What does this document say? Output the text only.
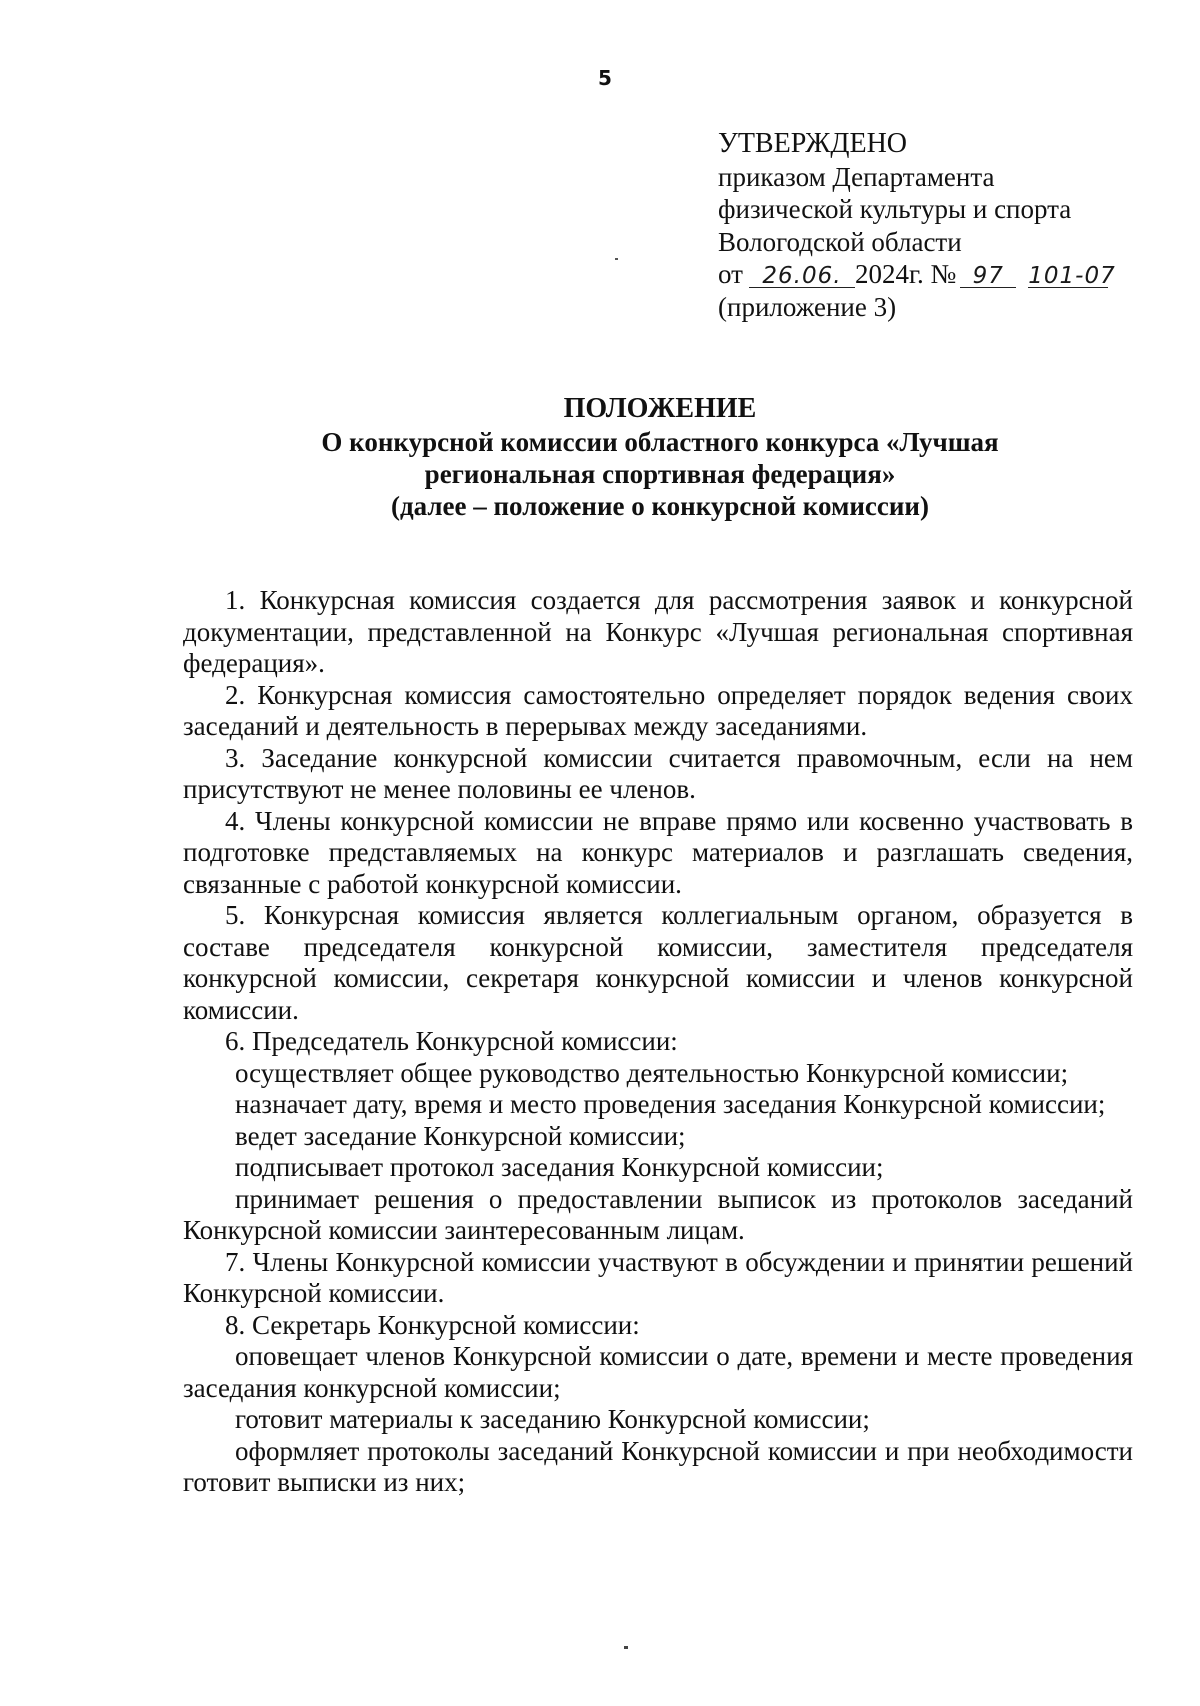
5
УТВЕРЖДЕНО
приказом Департамента
физической культуры и спорта
Вологодской области
от 26.06. 2024г. № 97 101-07
(приложение 3)
ПОЛОЖЕНИЕ
О конкурсной комиссии областного конкурса «Лучшая
региональная спортивная федерация»
(далее – положение о конкурсной комиссии)

1. Конкурсная комиссия создается для рассмотрения заявок и конкурсной документации, представленной на Конкурс «Лучшая региональная спортивная федерация».

2. Конкурсная комиссия самостоятельно определяет порядок ведения своих заседаний и деятельность в перерывах между заседаниями.

3. Заседание конкурсной комиссии считается правомочным, если на нем присутствуют не менее половины ее членов.

4. Члены конкурсной комиссии не вправе прямо или косвенно участвовать в подготовке представляемых на конкурс материалов и разглашать сведения, связанные с работой конкурсной комиссии.

5. Конкурсная комиссия является коллегиальным органом, образуется в составе председателя конкурсной комиссии, заместителя председателя конкурсной комиссии, секретаря конкурсной комиссии и членов конкурсной комиссии.

6. Председатель Конкурсной комиссии:

осуществляет общее руководство деятельностью Конкурсной комиссии;

назначает дату, время и место проведения заседания Конкурсной комиссии;

ведет заседание Конкурсной комиссии;

подписывает протокол заседания Конкурсной комиссии;

принимает решения о предоставлении выписок из протоколов заседаний Конкурсной комиссии заинтересованным лицам.

7. Члены Конкурсной комиссии участвуют в обсуждении и принятии решений Конкурсной комиссии.

8. Секретарь Конкурсной комиссии:

оповещает членов Конкурсной комиссии о дате, времени и месте проведения заседания конкурсной комиссии;

готовит материалы к заседанию Конкурсной комиссии;

оформляет протоколы заседаний Конкурсной комиссии и при необходимости готовит выписки из них;
